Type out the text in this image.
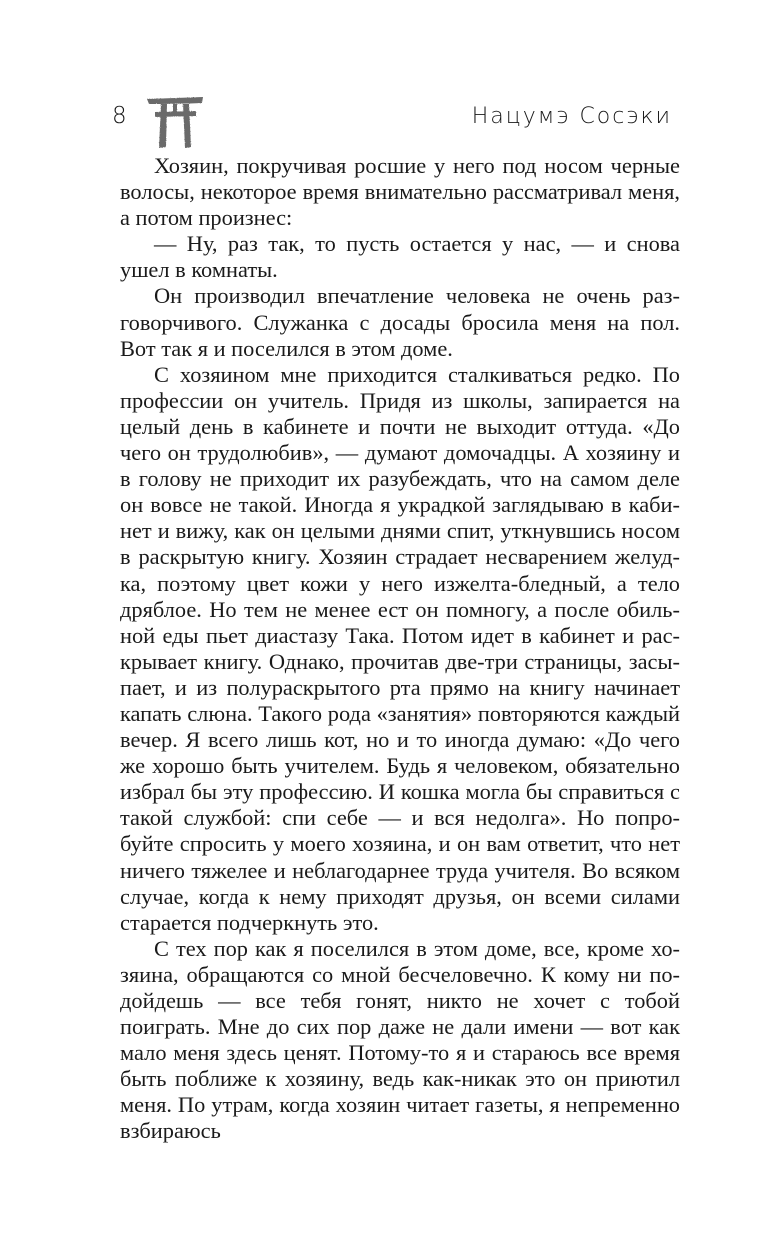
8	Нацумэ Сосэки

Хозяин, покручивая росшие у него под носом черные волосы, некоторое время внимательно рассматривал меня, а потом произнес:

— Ну, раз так, то пусть остается у нас, — и снова ушел в комнаты.

Он производил впечатление человека не очень разговорчивого. Служанка с досады бросила меня на пол. Вот так я и поселился в этом доме.

С хозяином мне приходится сталкиваться редко. По профессии он учитель. Придя из школы, запирается на целый день в кабинете и почти не выходит оттуда. «До чего он трудолюбив», — думают домочадцы. А хозяину и в голову не приходит их разубеждать, что на самом деле он вовсе не такой. Иногда я украдкой заглядываю в кабинет и вижу, как он целыми днями спит, уткнувшись носом в раскрытую книгу. Хозяин страдает несварением желудка, поэтому цвет кожи у него изжелта-бледный, а тело дряблое. Но тем не менее ест он помногу, а после обильной еды пьет диастазу Така. Потом идет в кабинет и раскрывает книгу. Однако, прочитав две-три страницы, засыпает, и из полураскрытого рта прямо на книгу начинает капать слюна. Такого рода «занятия» повторяются каждый вечер. Я всего лишь кот, но и то иногда думаю: «До чего же хорошо быть учителем. Будь я человеком, обязательно избрал бы эту профессию. И кошка могла бы справиться с такой службой: спи себе — и вся недолга». Но попробуйте спросить у моего хозяина, и он вам ответит, что нет ничего тяжелее и неблагодарнее труда учителя. Во всяком случае, когда к нему приходят друзья, он всеми силами старается подчеркнуть это.

С тех пор как я поселился в этом доме, все, кроме хозяина, обращаются со мной бесчеловечно. К кому ни подойдешь — все тебя гонят, никто не хочет с тобой поиграть. Мне до сих пор даже не дали имени — вот как мало меня здесь ценят. Потому-то я и стараюсь все время быть поближе к хозяину, ведь как-никак это он приютил меня. По утрам, когда хозяин читает газеты, я непременно взбираюсь
